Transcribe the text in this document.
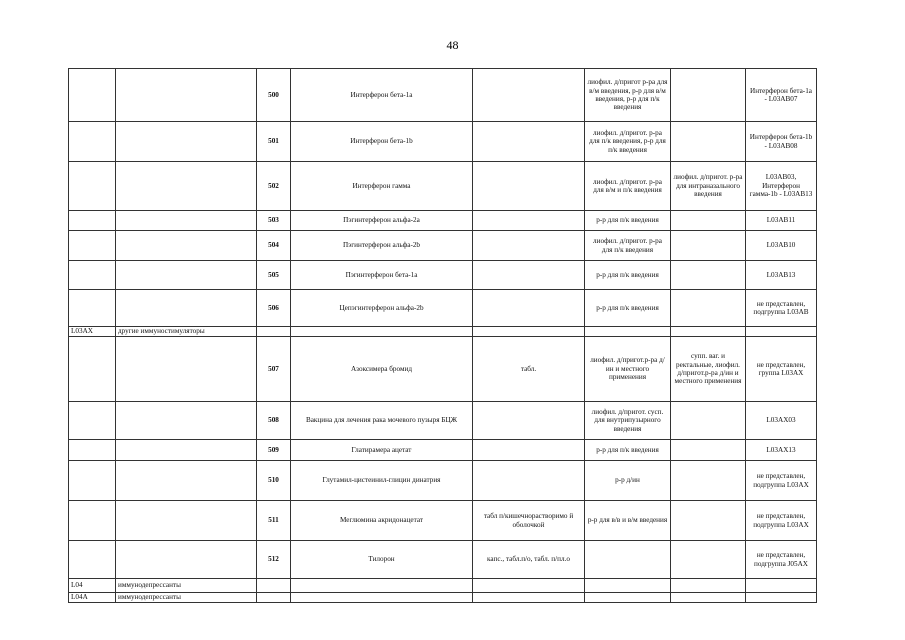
48
		500	Интерферон бета-1а		лиофил. д/пригот р-ра для в/м введения, р-р для в/м введения, р-р для п/к введения		Интерферон бета-1а - L03AB07
		501	Интерферон бета-1b		лиофил. д/пригот. р-ра для п/к введения, р-р для п/к введения		Интерферон бета-1b - L03AB08
		502	Интерферон гамма		лиофил. д/пригот. р-ра для в/м и п/к введения	лиофил. д/пригот. р-ра для интраназального введения	L03AB03, Интерферон гамма-1b - L03AB13
		503	Пэгинтерферон альфа-2а		р-р для п/к введения		L03AB11
		504	Пэгинтерферон альфа-2b		лиофил. д/пригот. р-ра для п/к введения		L03AB10
		505	Пэгинтерферон бета-1а		р-р для п/к введения		L03AB13
		506	Цепэгинтерферон альфа-2b		р-р для п/к введения		не представлен, подгруппа L03AB
L03AX	другие иммуностимуляторы						
		507	Азоксимера бромид	табл.	лиофил. д/пригот.р-ра д/ин и местного применения	супп. ваг. и ректальные, лиофил. д/пригот.р-ра д/ин и местного применения	не представлен, группа L03AX
		508	Вакцина для лечения рака мочевого пузыря БЦЖ		лиофил. д/пригот. сусп. для внутрипузырного введения		L03AX03
		509	Глатирамера ацетат		р-р для п/к введения		L03AX13
		510	Глутамил-цистеинил-глицин динатрия		р-р д/ин		не представлен, подгруппа L03AX
		511	Меглюмина акридонацетат	табл п/кишечнорастворимо й оболочкой	р-р для в/в и в/м введения		не представлен, подгруппа L03AX
		512	Тилорон	капс., табл.п/о, табл. п/пл.о			не представлен, подгруппа J05AX
L04	иммунодепрессанты						
L04A	иммунодепрессанты						
